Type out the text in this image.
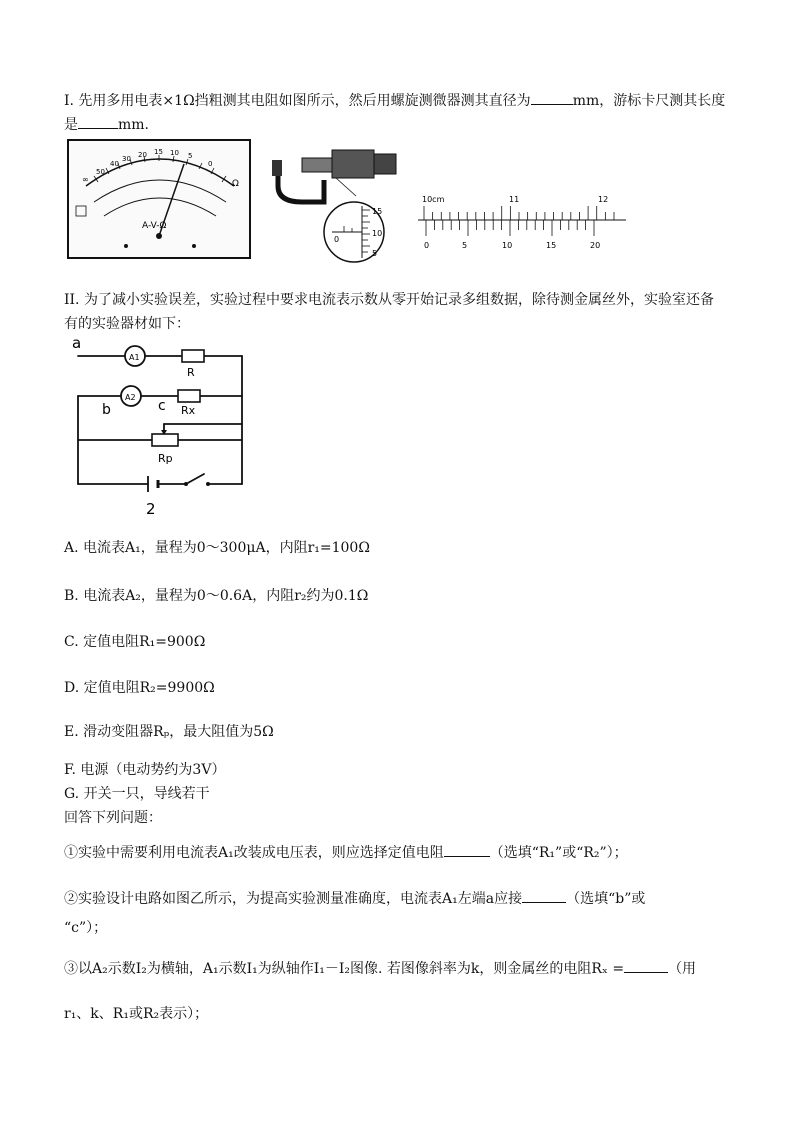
I. 先用多用电表×1Ω挡粗测其电阻如图所示，然后用螺旋测微器测其直径为	mm，游标卡尺测其长度
是	mm.
50
40
30 20 15 10 5
0
∞	Ω
A-V-Ω
15
10
5
0
10cm	11	12
0	5	10	15	20
II. 为了减小实验误差，实验过程中要求电流表示数从零开始记录多组数据，除待测金属丝外，实验室还备
有的实验器材如下：
a
A1
R
A2
b	c Rx
Rp
2
A. 电流表A₁，量程为0～300μA，内阻r₁=100Ω
B. 电流表A₂，量程为0～0.6A，内阻r₂约为0.1Ω
C. 定值电阻R₁=900Ω
D. 定值电阻R₂=9900Ω
E. 滑动变阻器Rₚ，最大阻值为5Ω
F. 电源（电动势约为3V）
G. 开关一只，导线若干
回答下列问题：
①实验中需要利用电流表A₁改装成电压表，则应选择定值电阻	（选填“R₁”或“R₂”）；
②实验设计电路如图乙所示，为提高实验测量准确度，电流表A₁左端a应接	（选填“b”或
“c”）；
③以A₂示数I₂为横轴，A₁示数I₁为纵轴作I₁－I₂图像. 若图像斜率为k，则金属丝的电阻Rₓ =	（用
r₁、k、R₁或R₂表示）；
